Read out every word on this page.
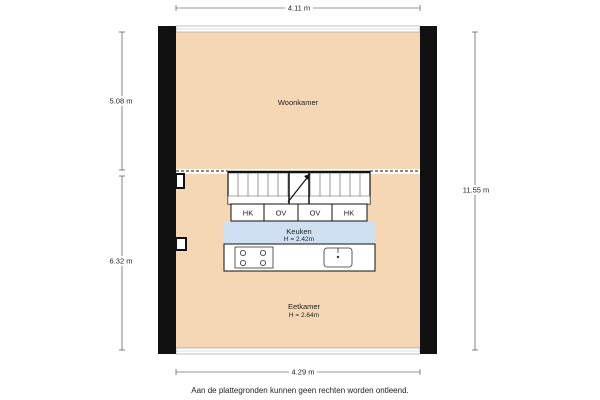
HK	OV	OV	HK
Woonkamer
Keuken
H = 2.42m
Eetkamer
H = 2.64m
4.11 m
4.29 m
5.08 m
6.32 m
11.55 m
Aan de plattegronden kunnen geen rechten worden ontleend.
